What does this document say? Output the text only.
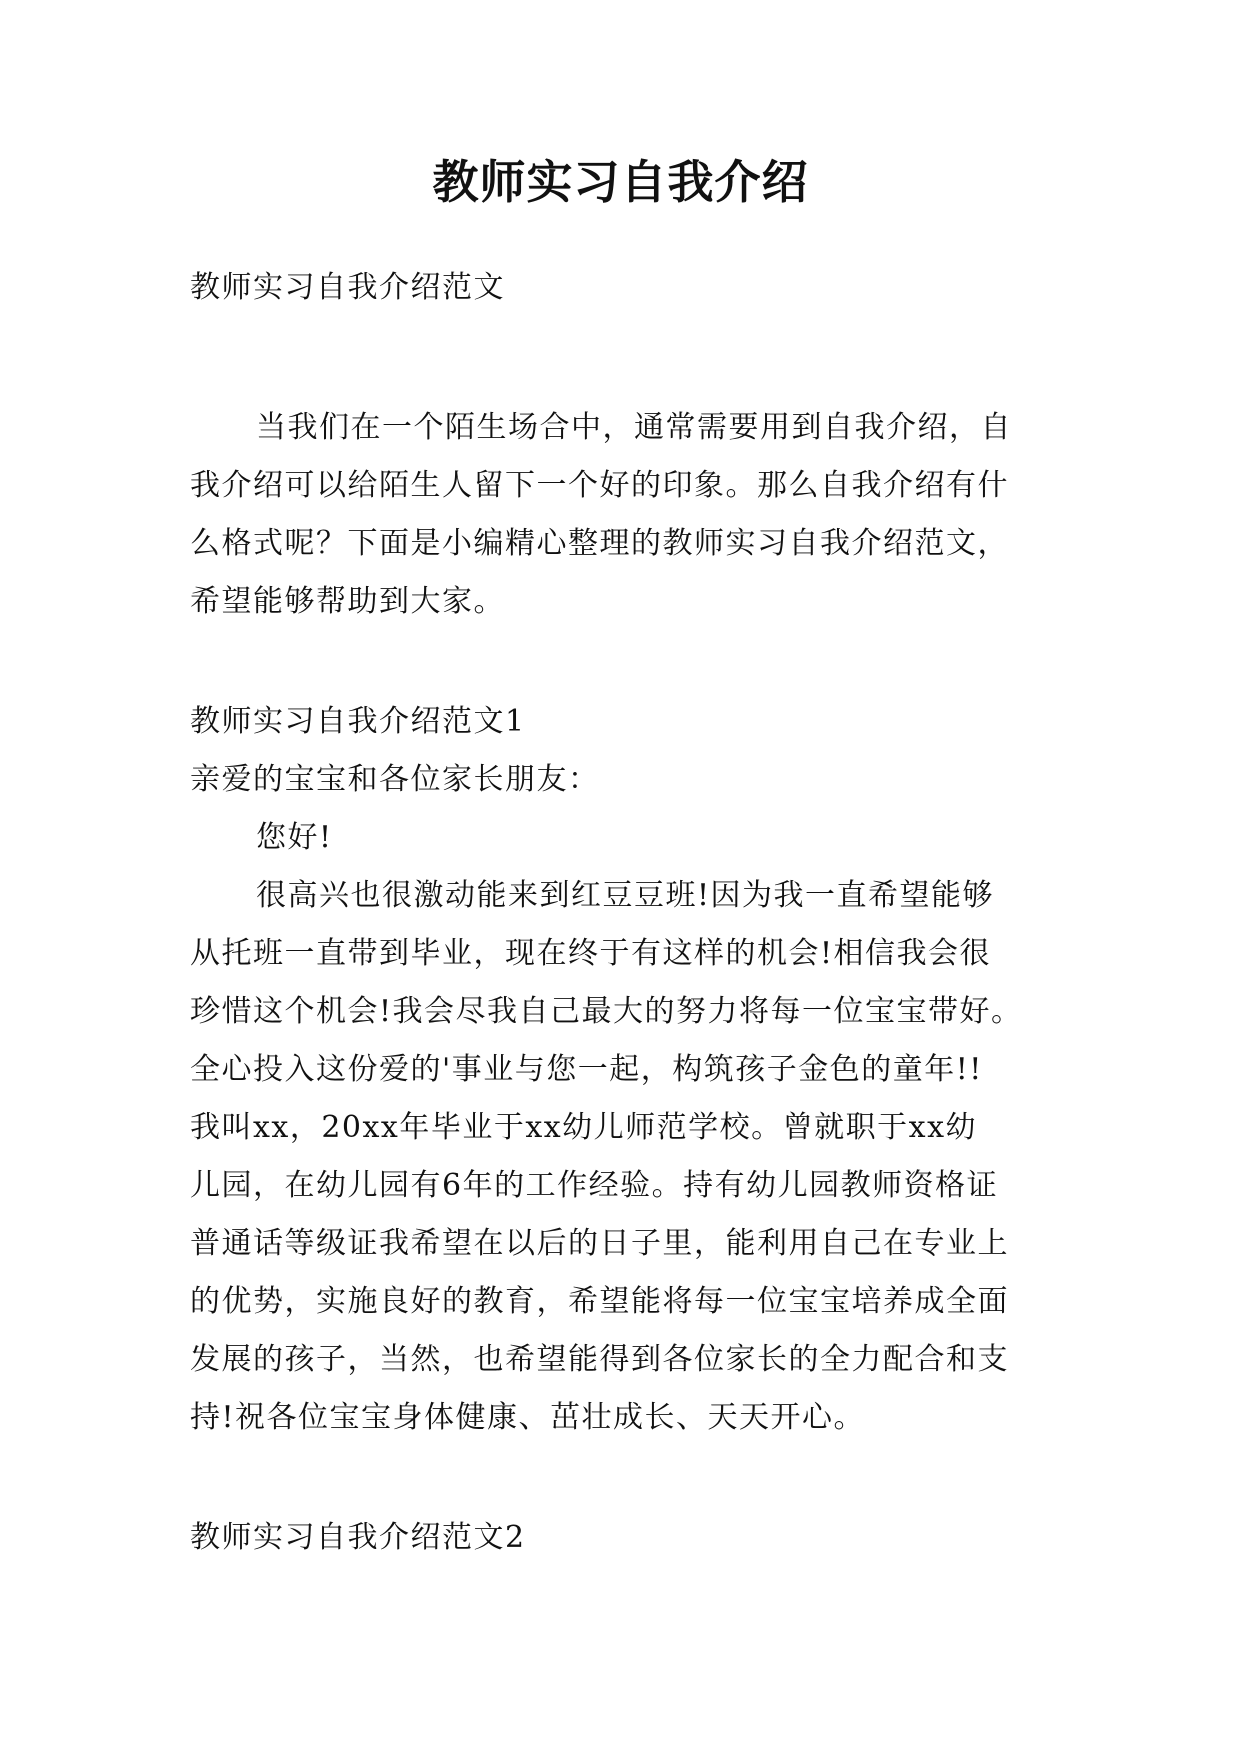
教师实习自我介绍

教师实习自我介绍范文

当我们在一个陌生场合中，通常需要用到自我介绍，自

我介绍可以给陌生人留下一个好的印象。那么自我介绍有什

么格式呢？下面是小编精心整理的教师实习自我介绍范文，

希望能够帮助到大家。

教师实习自我介绍范文1

亲爱的宝宝和各位家长朋友：

您好!

很高兴也很激动能来到红豆豆班!因为我一直希望能够

从托班一直带到毕业，现在终于有这样的机会!相信我会很

珍惜这个机会!我会尽我自己最大的努力将每一位宝宝带好。

全心投入这份爱的'事业与您一起，构筑孩子金色的童年!!

我叫xx，20xx年毕业于xx幼儿师范学校。曾就职于xx幼

儿园，在幼儿园有6年的工作经验。持有幼儿园教师资格证

普通话等级证我希望在以后的日子里，能利用自己在专业上

的优势，实施良好的教育，希望能将每一位宝宝培养成全面

发展的孩子，当然，也希望能得到各位家长的全力配合和支

持!祝各位宝宝身体健康、茁壮成长、天天开心。

教师实习自我介绍范文2
